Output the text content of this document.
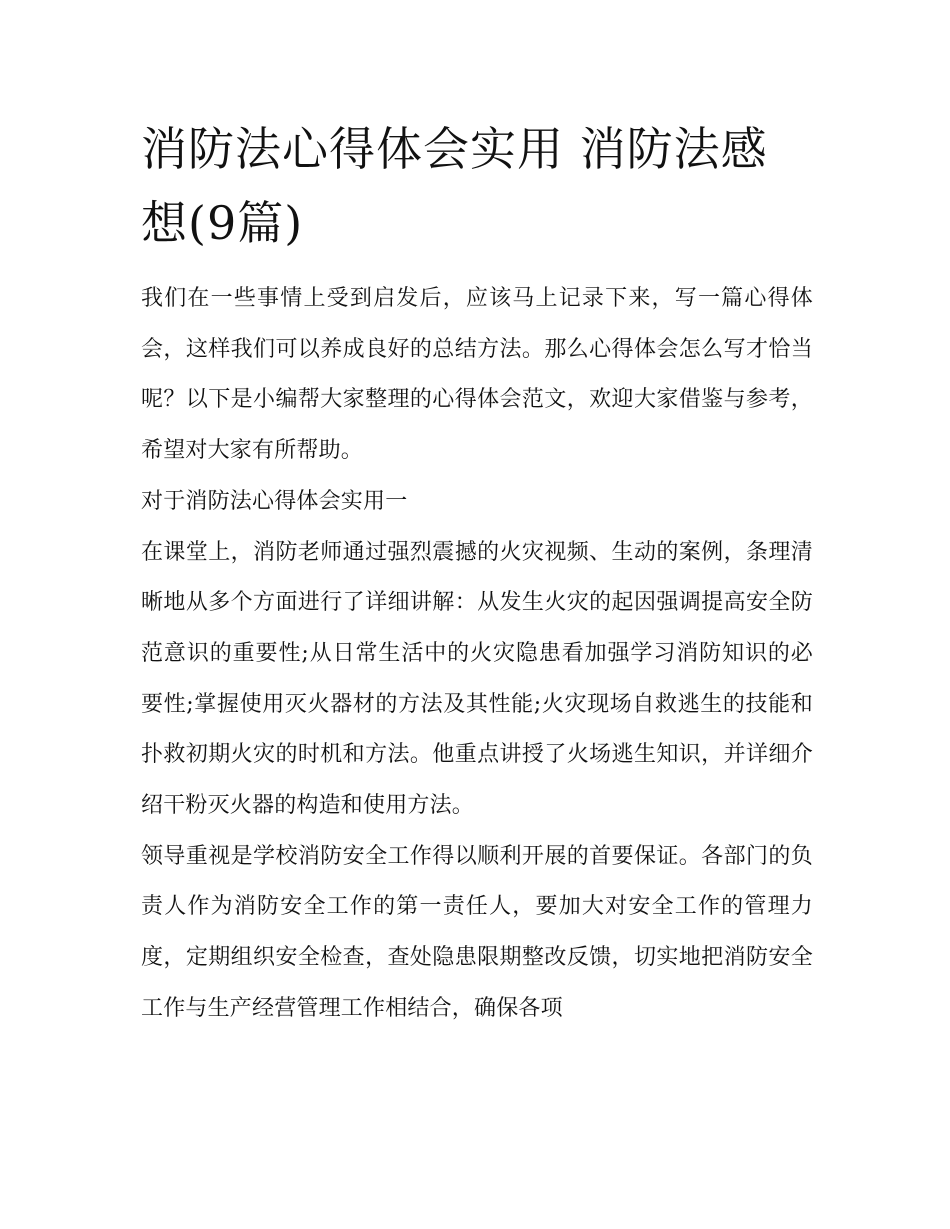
消防法心得体会实用 消防法感想(9篇)

我们在一些事情上受到启发后，应该马上记录下来，写一篇心得体会，这样我们可以养成良好的总结方法。那么心得体会怎么写才恰当呢？以下是小编帮大家整理的心得体会范文，欢迎大家借鉴与参考，希望对大家有所帮助。

对于消防法心得体会实用一

在课堂上，消防老师通过强烈震撼的火灾视频、生动的案例，条理清晰地从多个方面进行了详细讲解：从发生火灾的起因强调提高安全防范意识的重要性;从日常生活中的火灾隐患看加强学习消防知识的必要性;掌握使用灭火器材的方法及其性能;火灾现场自救逃生的技能和扑救初期火灾的时机和方法。他重点讲授了火场逃生知识，并详细介绍干粉灭火器的构造和使用方法。

领导重视是学校消防安全工作得以顺利开展的首要保证。各部门的负责人作为消防安全工作的第一责任人，要加大对安全工作的管理力度，定期组织安全检查，查处隐患限期整改反馈，切实地把消防安全工作与生产经营管理工作相结合，确保各项
